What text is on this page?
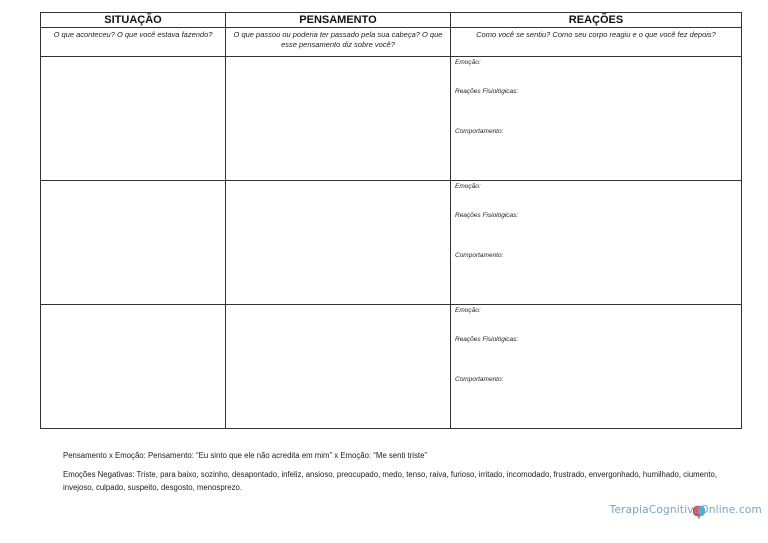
SITUAÇÃO	PENSAMENTO	REAÇÕES
O que aconteceu? O que você estava fazendo?	O que passou ou poderia ter passado pela sua cabeça? O que esse pensamento diz sobre você?	Como você se sentiu? Como seu corpo reagiu e o que você fez depois?

		Emoção:
Reações Fisiológicas:
Comportamento:

		Emoção:
Reações Fisiológicas:
Comportamento:

		Emoção:
Reações Fisiológicas:
Comportamento:
Pensamento x Emoção: Pensamento: “Eu sinto que ele não acredita em mim” x Emoção: “Me senti triste”
Emoções Negativas: Triste, para baixo, sozinho, desapontado, infeliz, ansioso, preocupado, medo, tenso, raiva, furioso, irritado, incomodado, frustrado, envergonhado, humilhado, ciumento, invejoso, culpado, suspeito, desgosto, menosprezo.
TerapiaCognitivaOnline.com
